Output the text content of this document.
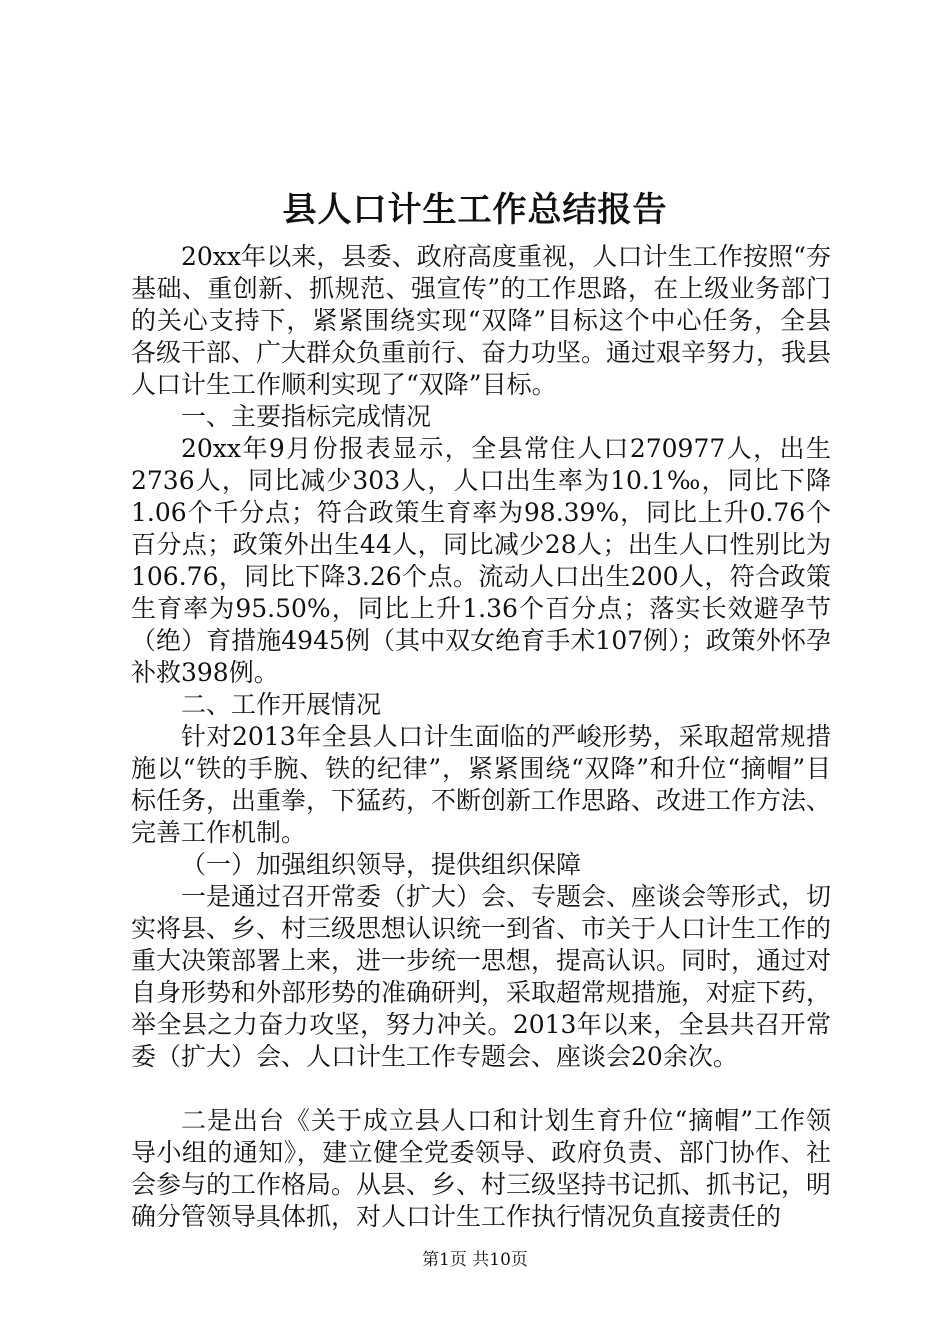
县人口计生工作总结报告

20xx年以来，县委、政府高度重视，人口计生工作按照“夯基础、重创新、抓规范、强宣传”的工作思路，在上级业务部门的关心支持下，紧紧围绕实现“双降”目标这个中心任务，全县各级干部、广大群众负重前行、奋力功坚。通过艰辛努力，我县人口计生工作顺利实现了“双降”目标。

一、主要指标完成情况

20xx年9月份报表显示，全县常住人口270977人，出生2736人，同比减少303人，人口出生率为10.1‰，同比下降1.06个千分点；符合政策生育率为98.39%，同比上升0.76个百分点；政策外出生44人，同比减少28人；出生人口性别比为106.76，同比下降3.26个点。流动人口出生200人，符合政策生育率为95.50%，同比上升1.36个百分点；落实长效避孕节（绝）育措施4945例（其中双女绝育手术107例）；政策外怀孕补救398例。

二、工作开展情况

针对2013年全县人口计生面临的严峻形势，采取超常规措施以“铁的手腕、铁的纪律”，紧紧围绕“双降”和升位“摘帽”目标任务，出重拳，下猛药，不断创新工作思路、改进工作方法、完善工作机制。

（一）加强组织领导，提供组织保障

一是通过召开常委（扩大）会、专题会、座谈会等形式，切实将县、乡、村三级思想认识统一到省、市关于人口计生工作的重大决策部署上来，进一步统一思想，提高认识。同时，通过对自身形势和外部形势的准确研判，采取超常规措施，对症下药，举全县之力奋力攻坚，努力冲关。2013年以来，全县共召开常委（扩大）会、人口计生工作专题会、座谈会20余次。

二是出台《关于成立县人口和计划生育升位“摘帽”工作领导小组的通知》，建立健全党委领导、政府负责、部门协作、社会参与的工作格局。从县、乡、村三级坚持书记抓、抓书记，明确分管领导具体抓，对人口计生工作执行情况负直接责任的

第1页 共10页
